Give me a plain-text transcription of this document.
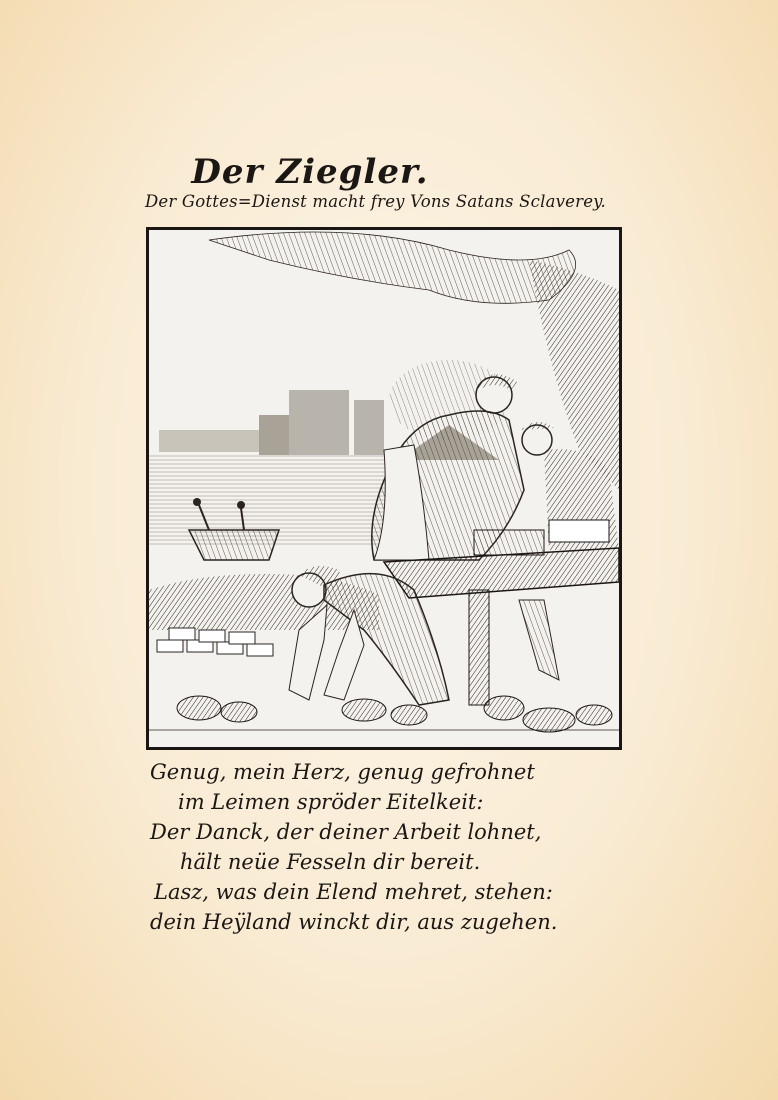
Der Ziegler.
Der Gottes=Dienst macht frey Vons Satans Sclaverey.
Genug, mein Herz, genug gefrohnet
im Leimen spröder Eitelkeit:
Der Danck, der deiner Arbeit lohnet,
hält neüe Fesseln dir bereit.
Lasz, was dein Elend mehret, stehen:
dein Heÿland winckt dir, aus zugehen.
